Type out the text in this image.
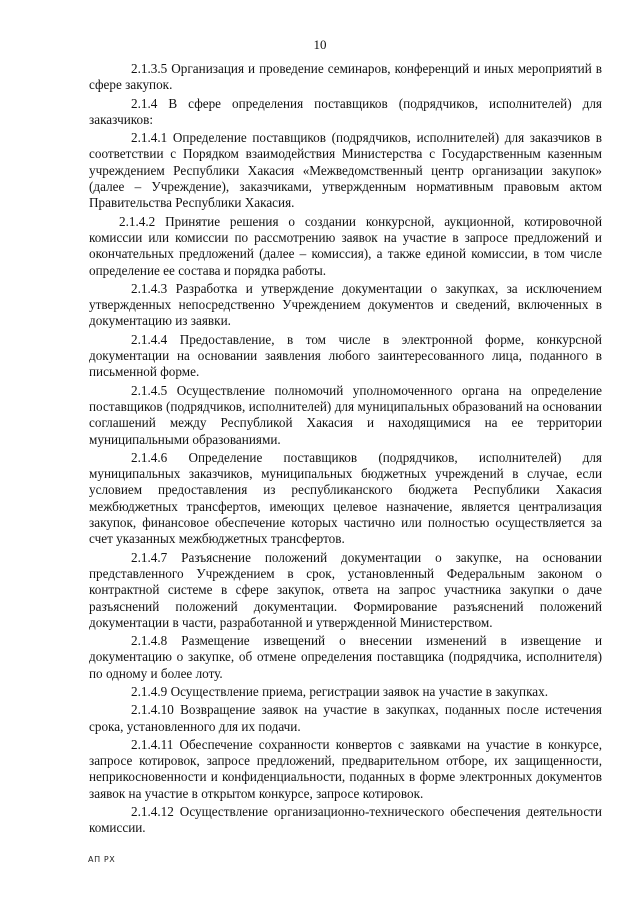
10

2.1.3.5 Организация и проведение семинаров, конференций и иных мероприятий в сфере закупок.

2.1.4 В сфере определения поставщиков (подрядчиков, исполнителей) для заказчиков:

2.1.4.1 Определение поставщиков (подрядчиков, исполнителей) для заказчиков в соответствии с Порядком взаимодействия Министерства с Государственным казенным учреждением Республики Хакасия «Межведомственный центр организации закупок» (далее – Учреждение), заказчиками, утвержденным нормативным правовым актом Правительства Республики Хакасия.

2.1.4.2 Принятие решения о создании конкурсной, аукционной, котировочной комиссии или комиссии по рассмотрению заявок на участие в запросе предложений и окончательных предложений (далее – комиссия), а также единой комиссии, в том числе определение ее состава и порядка работы.

2.1.4.3 Разработка и утверждение документации о закупках, за исключением утвержденных непосредственно Учреждением документов и сведений, включенных в документацию из заявки.

2.1.4.4 Предоставление, в том числе в электронной форме, конкурсной документации на основании заявления любого заинтересованного лица, поданного в письменной форме.

2.1.4.5 Осуществление полномочий уполномоченного органа на определение поставщиков (подрядчиков, исполнителей) для муниципальных образований на основании соглашений между Республикой Хакасия и находящимися на ее территории муниципальными образованиями.

2.1.4.6 Определение поставщиков (подрядчиков, исполнителей) для муниципальных заказчиков, муниципальных бюджетных учреждений в случае, если условием предоставления из республиканского бюджета Республики Хакасия межбюджетных трансфертов, имеющих целевое назначение, является централизация закупок, финансовое обеспечение которых частично или полностью осуществляется за счет указанных межбюджетных трансфертов.

2.1.4.7 Разъяснение положений документации о закупке, на основании представленного Учреждением в срок, установленный Федеральным законом о контрактной системе в сфере закупок, ответа на запрос участника закупки о даче разъяснений положений документации. Формирование разъяснений положений документации в части, разработанной и утвержденной Министерством.

2.1.4.8 Размещение извещений о внесении изменений в извещение и документацию о закупке, об отмене определения поставщика (подрядчика, исполнителя) по одному и более лоту.

2.1.4.9 Осуществление приема, регистрации заявок на участие в закупках.

2.1.4.10 Возвращение заявок на участие в закупках, поданных после истечения срока, установленного для их подачи.

2.1.4.11 Обеспечение сохранности конвертов с заявками на участие в конкурсе, запросе котировок, запросе предложений, предварительном отборе, их защищенности, неприкосновенности и конфиденциальности, поданных в форме электронных документов заявок на участие в открытом конкурсе, запросе котировок.

2.1.4.12 Осуществление организационно-технического обеспечения деятельности комиссии.

АП РХ
